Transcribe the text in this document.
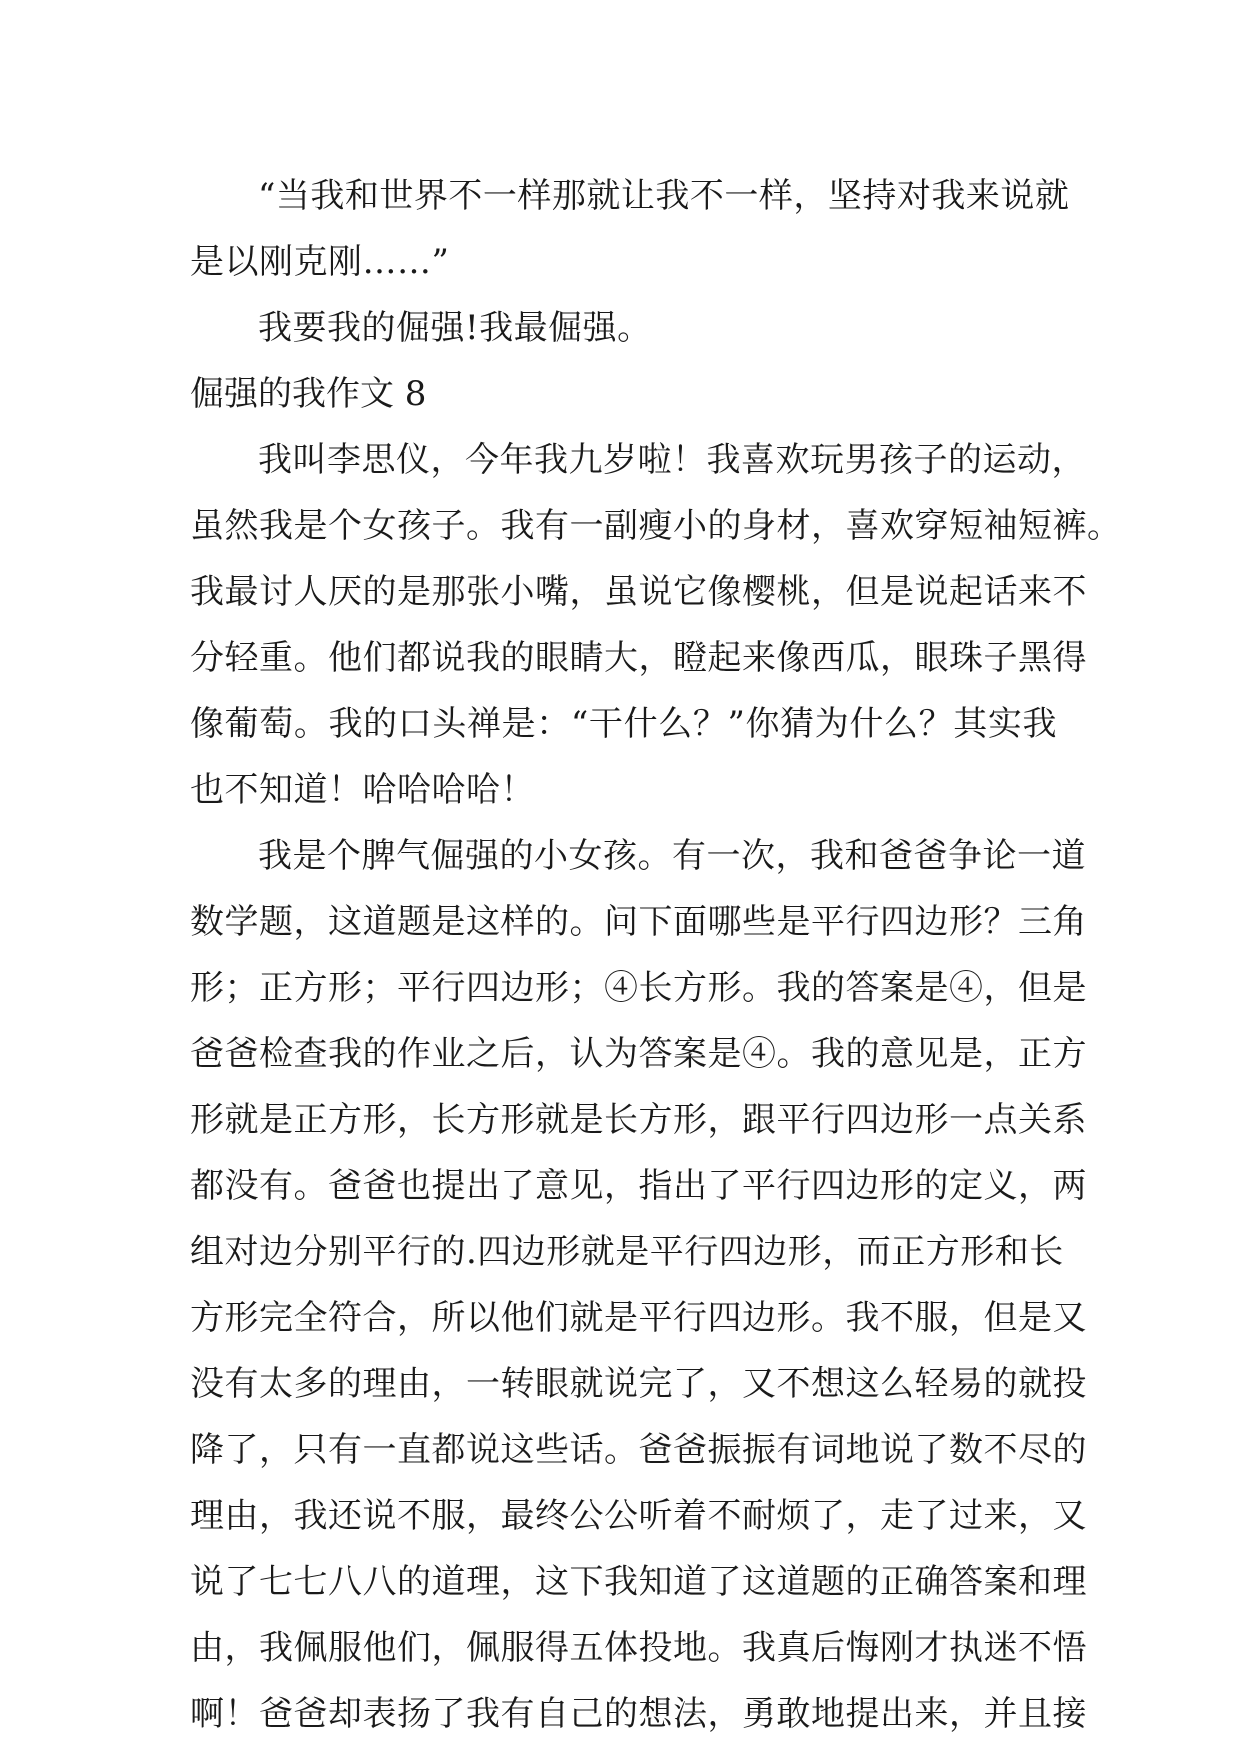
“当我和世界不一样那就让我不一样，坚持对我来说就
是以刚克刚……”
我要我的倔强!我最倔强。
倔强的我作文 8
我叫李思仪，今年我九岁啦！我喜欢玩男孩子的运动，
虽然我是个女孩子。我有一副瘦小的身材，喜欢穿短袖短裤。
我最讨人厌的是那张小嘴，虽说它像樱桃，但是说起话来不
分轻重。他们都说我的眼睛大，瞪起来像西瓜，眼珠子黑得
像葡萄。我的口头禅是：“干什么？”你猜为什么？其实我
也不知道！哈哈哈哈！
我是个脾气倔强的小女孩。有一次，我和爸爸争论一道
数学题，这道题是这样的。问下面哪些是平行四边形？三角
形；正方形；平行四边形；④长方形。我的答案是④，但是
爸爸检查我的作业之后，认为答案是④。我的意见是，正方
形就是正方形，长方形就是长方形，跟平行四边形一点关系
都没有。爸爸也提出了意见，指出了平行四边形的定义，两
组对边分别平行的.四边形就是平行四边形，而正方形和长
方形完全符合，所以他们就是平行四边形。我不服，但是又
没有太多的理由，一转眼就说完了，又不想这么轻易的就投
降了，只有一直都说这些话。爸爸振振有词地说了数不尽的
理由，我还说不服，最终公公听着不耐烦了，走了过来，又
说了七七八八的道理，这下我知道了这道题的正确答案和理
由，我佩服他们，佩服得五体投地。我真后悔刚才执迷不悟
啊！爸爸却表扬了我有自己的想法，勇敢地提出来，并且接
